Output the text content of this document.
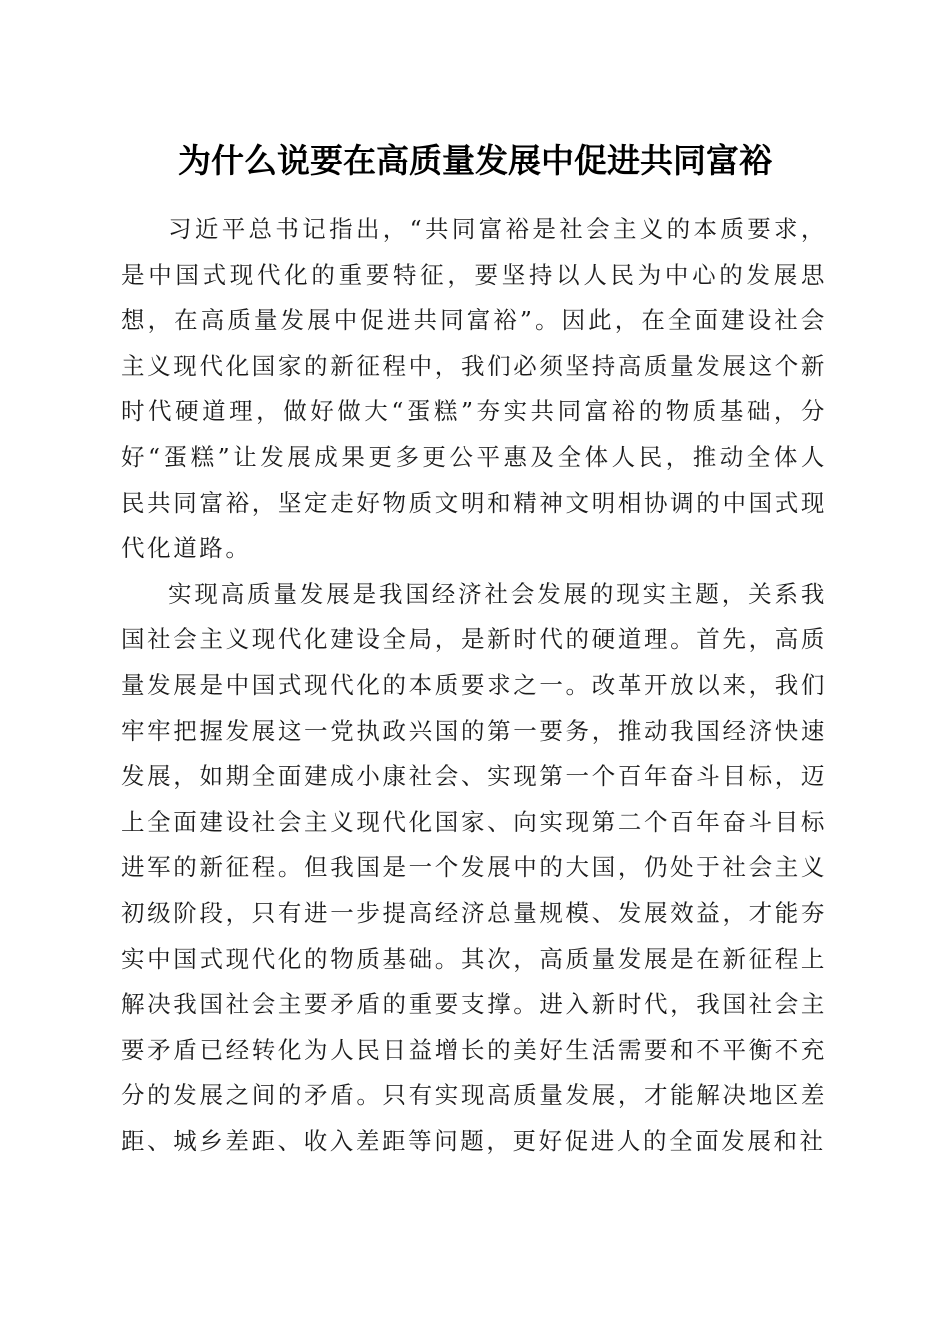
为什么说要在高质量发展中促进共同富裕

习近平总书记指出，“共同富裕是社会主义的本质要求，是中国式现代化的重要特征，要坚持以人民为中心的发展思想，在高质量发展中促进共同富裕”。因此，在全面建设社会主义现代化国家的新征程中，我们必须坚持高质量发展这个新时代硬道理，做好做大“蛋糕”夯实共同富裕的物质基础，分好“蛋糕”让发展成果更多更公平惠及全体人民，推动全体人民共同富裕，坚定走好物质文明和精神文明相协调的中国式现代化道路。

实现高质量发展是我国经济社会发展的现实主题，关系我国社会主义现代化建设全局，是新时代的硬道理。首先，高质量发展是中国式现代化的本质要求之一。改革开放以来，我们牢牢把握发展这一党执政兴国的第一要务，推动我国经济快速发展，如期全面建成小康社会、实现第一个百年奋斗目标，迈上全面建设社会主义现代化国家、向实现第二个百年奋斗目标进军的新征程。但我国是一个发展中的大国，仍处于社会主义初级阶段，只有进一步提高经济总量规模、发展效益，才能夯实中国式现代化的物质基础。其次，高质量发展是在新征程上解决我国社会主要矛盾的重要支撑。进入新时代，我国社会主要矛盾已经转化为人民日益增长的美好生活需要和不平衡不充分的发展之间的矛盾。只有实现高质量发展，才能解决地区差距、城乡差距、收入差距等问题，更好促进人的全面发展和社
